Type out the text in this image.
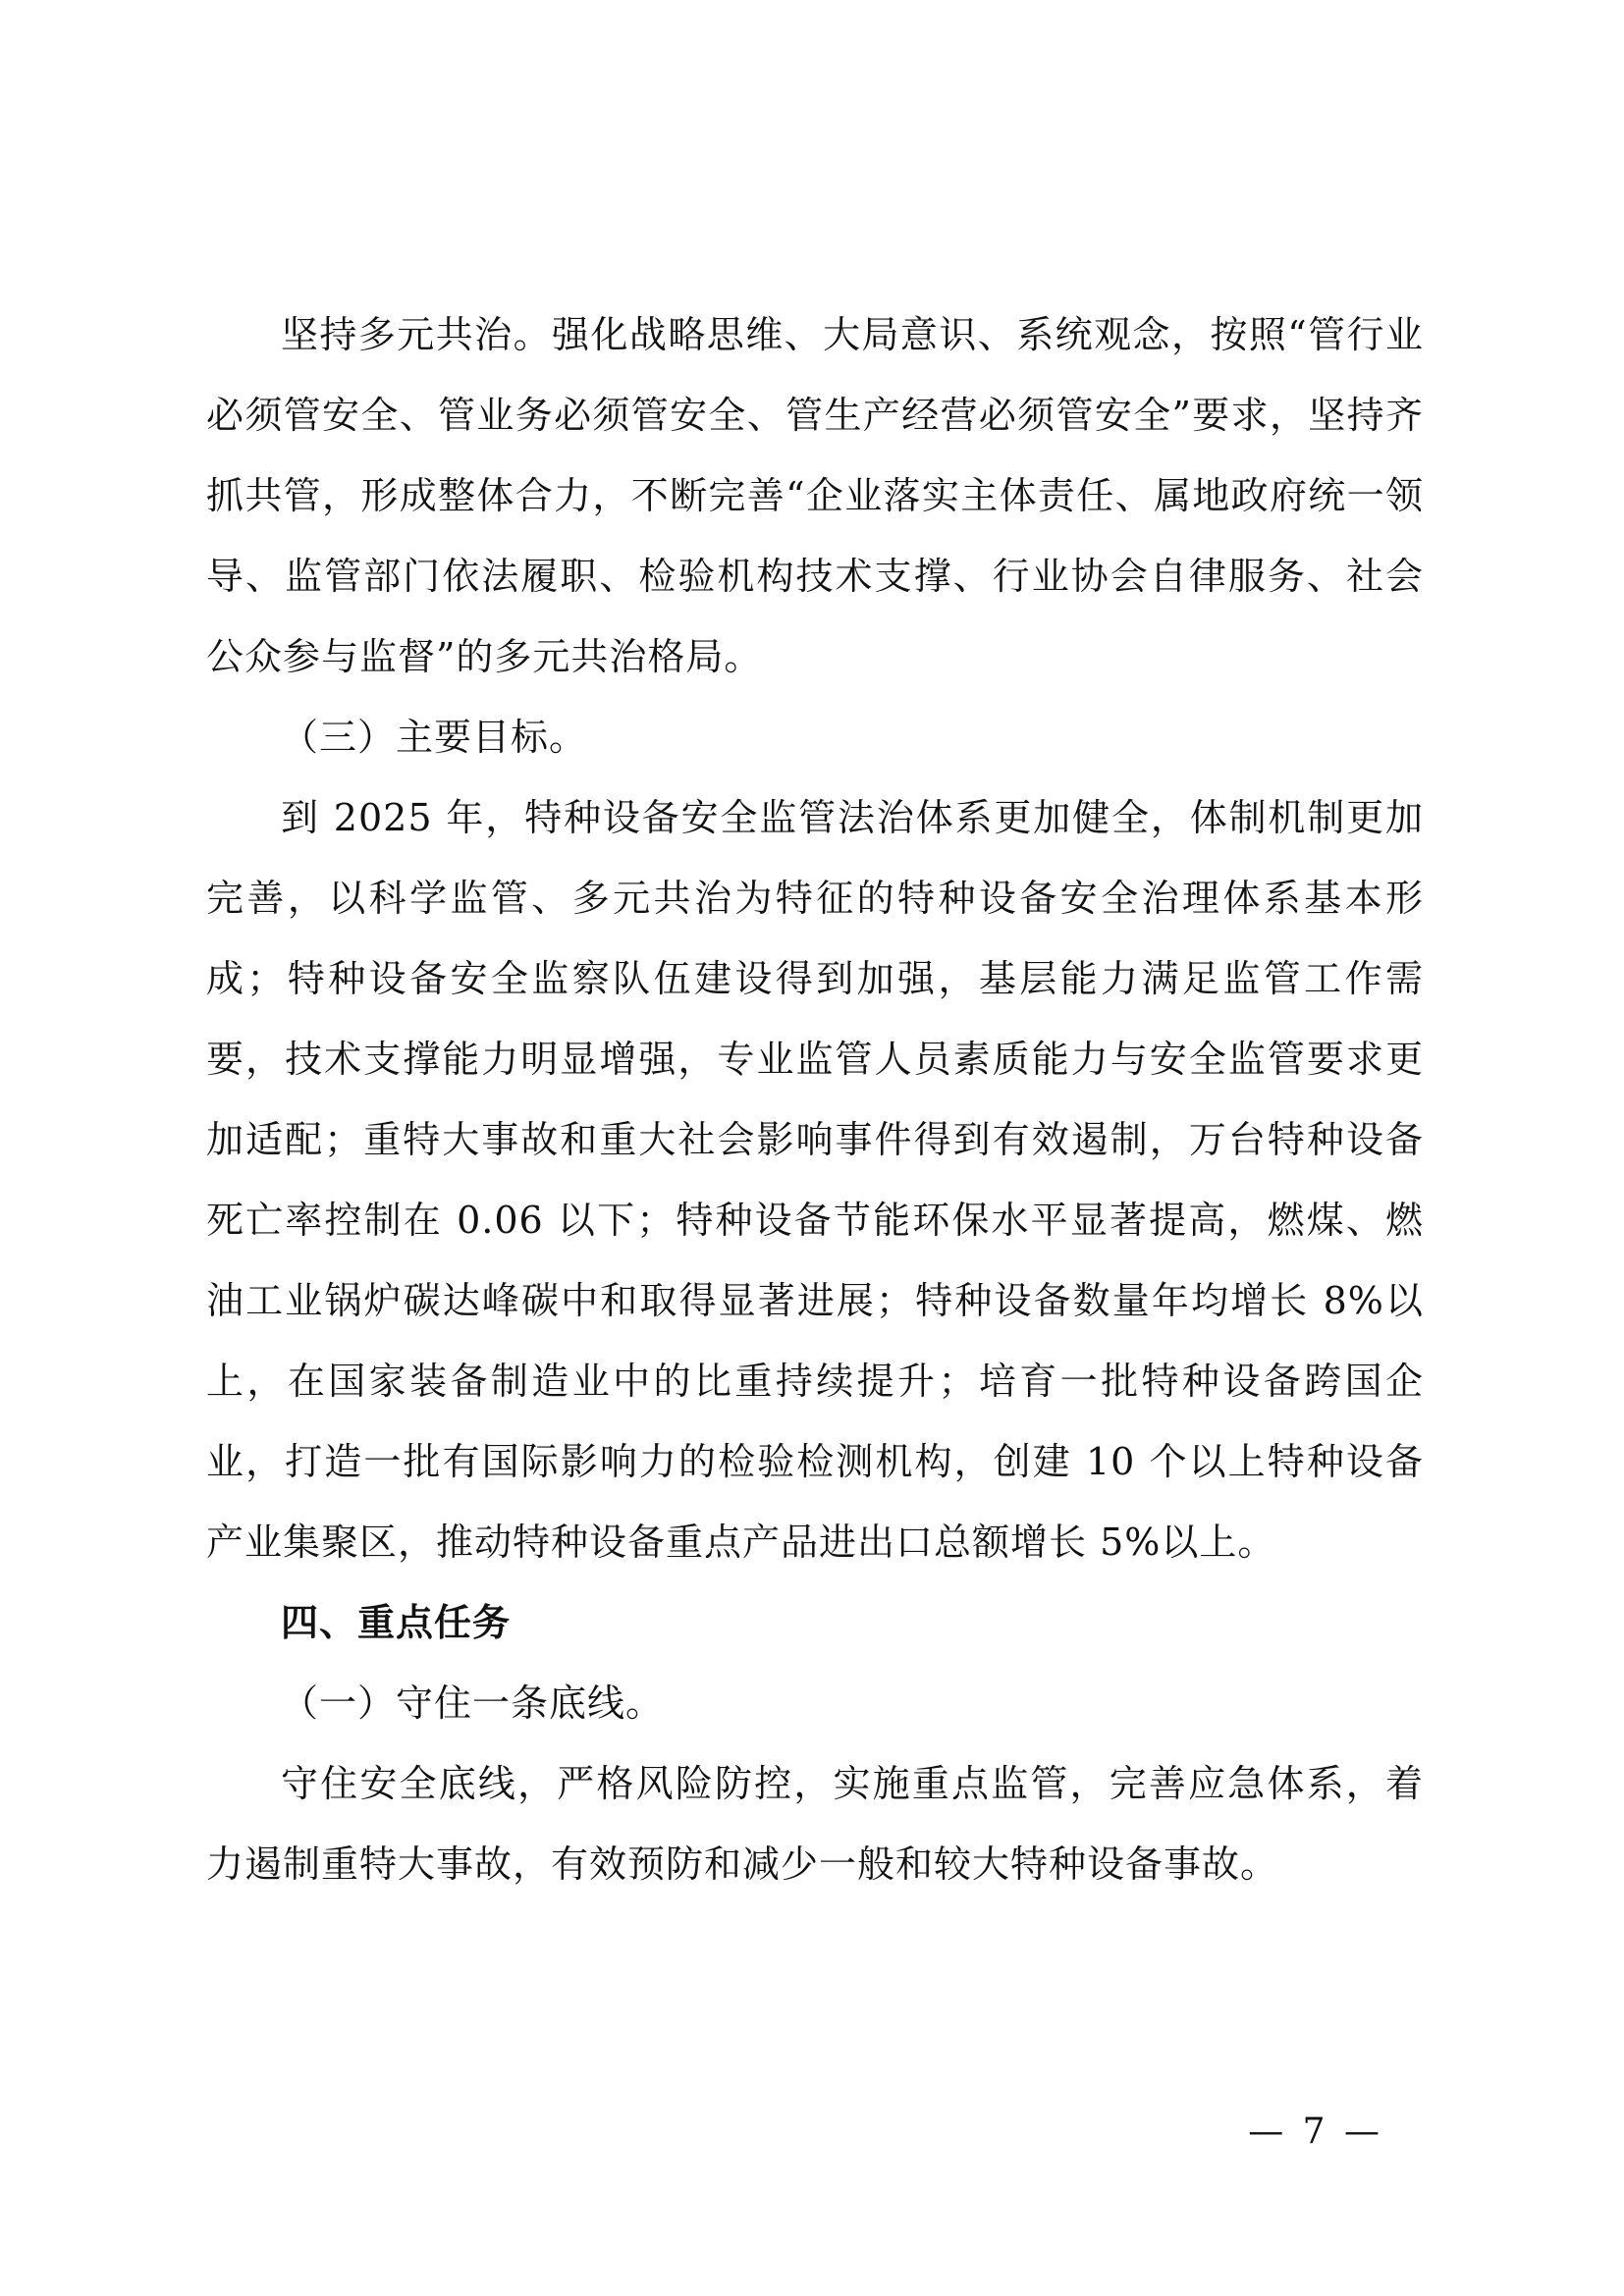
坚持多元共治。强化战略思维、大局意识、系统观念，按照“管行业必须管安全、管业务必须管安全、管生产经营必须管安全”要求，坚持齐抓共管，形成整体合力，不断完善“企业落实主体责任、属地政府统一领导、监管部门依法履职、检验机构技术支撑、行业协会自律服务、社会公众参与监督”的多元共治格局。

（三）主要目标。

到 2025 年，特种设备安全监管法治体系更加健全，体制机制更加完善，以科学监管、多元共治为特征的特种设备安全治理体系基本形成；特种设备安全监察队伍建设得到加强，基层能力满足监管工作需要，技术支撑能力明显增强，专业监管人员素质能力与安全监管要求更加适配；重特大事故和重大社会影响事件得到有效遏制，万台特种设备死亡率控制在 0.06 以下；特种设备节能环保水平显著提高，燃煤、燃油工业锅炉碳达峰碳中和取得显著进展；特种设备数量年均增长 8%以上，在国家装备制造业中的比重持续提升；培育一批特种设备跨国企业，打造一批有国际影响力的检验检测机构，创建 10 个以上特种设备产业集聚区，推动特种设备重点产品进出口总额增长 5%以上。

四、重点任务

（一）守住一条底线。

守住安全底线，严格风险防控，实施重点监管，完善应急体系，着力遏制重特大事故，有效预防和减少一般和较大特种设备事故。

— 7 —
